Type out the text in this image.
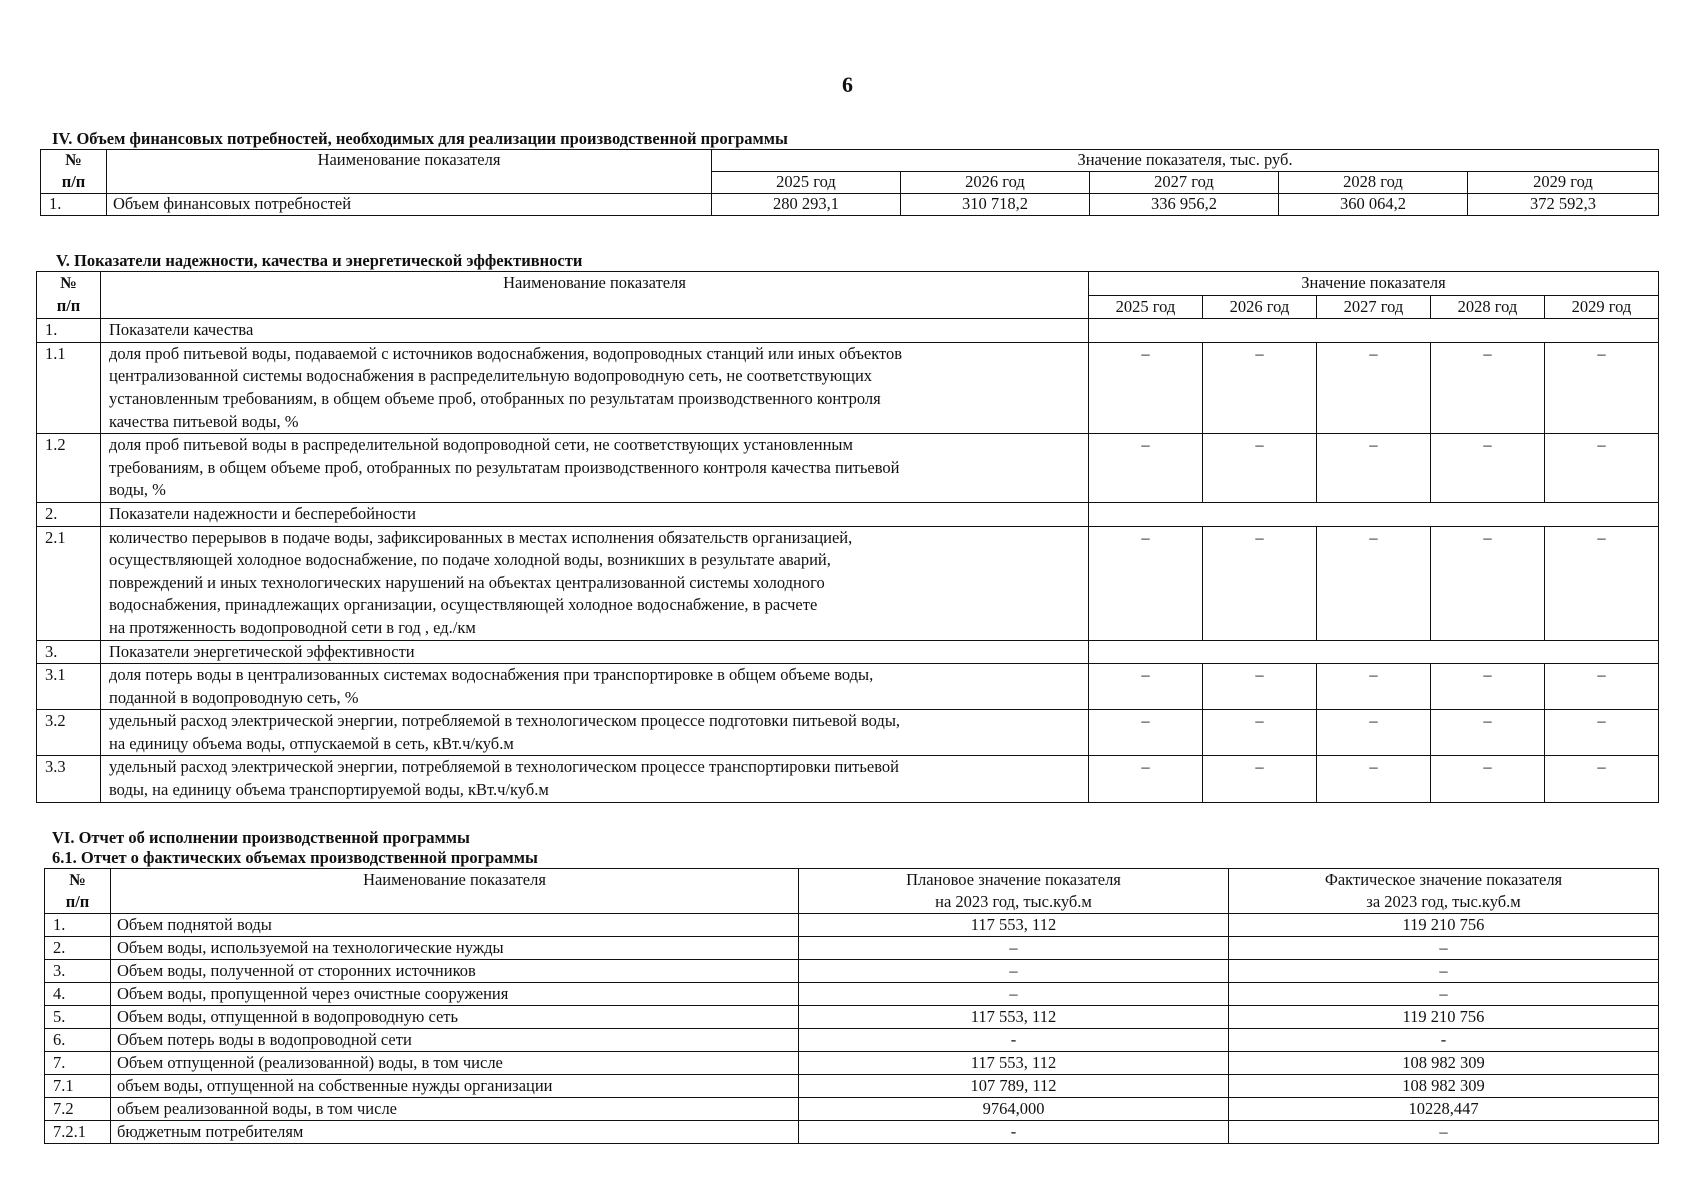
6
IV. Объем финансовых потребностей, необходимых для реализации производственной программы
№	Наименование показателя	Значение показателя, тыс. руб.				
п/п		2025 год	2026 год	2027 год	2028 год	2029 год
1.	Объем финансовых потребностей	280 293,1	310 718,2	336 956,2	360 064,2	372 592,3
V. Показатели надежности, качества и энергетической эффективности
№	Наименование показателя	Значение показателя				
п/п		2025 год	2026 год	2027 год	2028 год	2029 год
1.	Показатели качества					
1.1	доля проб питьевой воды, подаваемой с источников водоснабжения, водопроводных станций или иных объектов
централизованной системы водоснабжения в распределительную водопроводную сеть, не соответствующих
установленным требованиям, в общем объеме проб, отобранных по результатам производственного контроля
качества питьевой воды, %	–	–	–	–	–
1.2	доля проб питьевой воды в распределительной водопроводной сети, не соответствующих установленным
требованиям, в общем объеме проб, отобранных по результатам производственного контроля качества питьевой
воды, %	–	–	–	–	–
2.	Показатели надежности и бесперебойности					
2.1	количество перерывов в подаче воды, зафиксированных в местах исполнения обязательств организацией,
осуществляющей холодное водоснабжение, по подаче холодной воды, возникших в результате аварий,
повреждений и иных технологических нарушений на объектах централизованной системы холодного
водоснабжения, принадлежащих организации, осуществляющей холодное водоснабжение, в расчете
на протяженность водопроводной сети в год , ед./км	–	–	–	–	–
3.	Показатели энергетической эффективности					
3.1	доля потерь воды в централизованных системах водоснабжения при транспортировке в общем объеме воды,
поданной в водопроводную сеть, %	–	–	–	–	–
3.2	удельный расход электрической энергии, потребляемой в технологическом процессе подготовки питьевой воды,
на единицу объема воды, отпускаемой в сеть, кВт.ч/куб.м	–	–	–	–	–
3.3	удельный расход электрической энергии, потребляемой в технологическом процессе транспортировки питьевой
воды, на единицу объема транспортируемой воды, кВт.ч/куб.м	–	–	–	–	–
VI. Отчет об исполнении производственной программы
6.1. Отчет о фактических объемах производственной программы
№	Наименование показателя	Плановое значение показателя	Фактическое значение показателя
п/п		на 2023 год, тыс.куб.м	за 2023 год, тыс.куб.м
1.	Объем поднятой воды	117 553, 112	119 210 756
2.	Объем воды, используемой на технологические нужды	–	–
3.	Объем воды, полученной от сторонних источников	–	–
4.	Объем воды, пропущенной через очистные сооружения	–	–
5.	Объем воды, отпущенной в водопроводную сеть	117 553, 112	119 210 756
6.	Объем потерь воды в водопроводной сети	-	-
7.	Объем отпущенной (реализованной) воды, в том числе	117 553, 112	108 982 309
7.1	объем воды, отпущенной на собственные нужды организации	107 789, 112	108 982 309
7.2	объем реализованной воды, в том числе	9764,000	10228,447
7.2.1	бюджетным потребителям	-	–
